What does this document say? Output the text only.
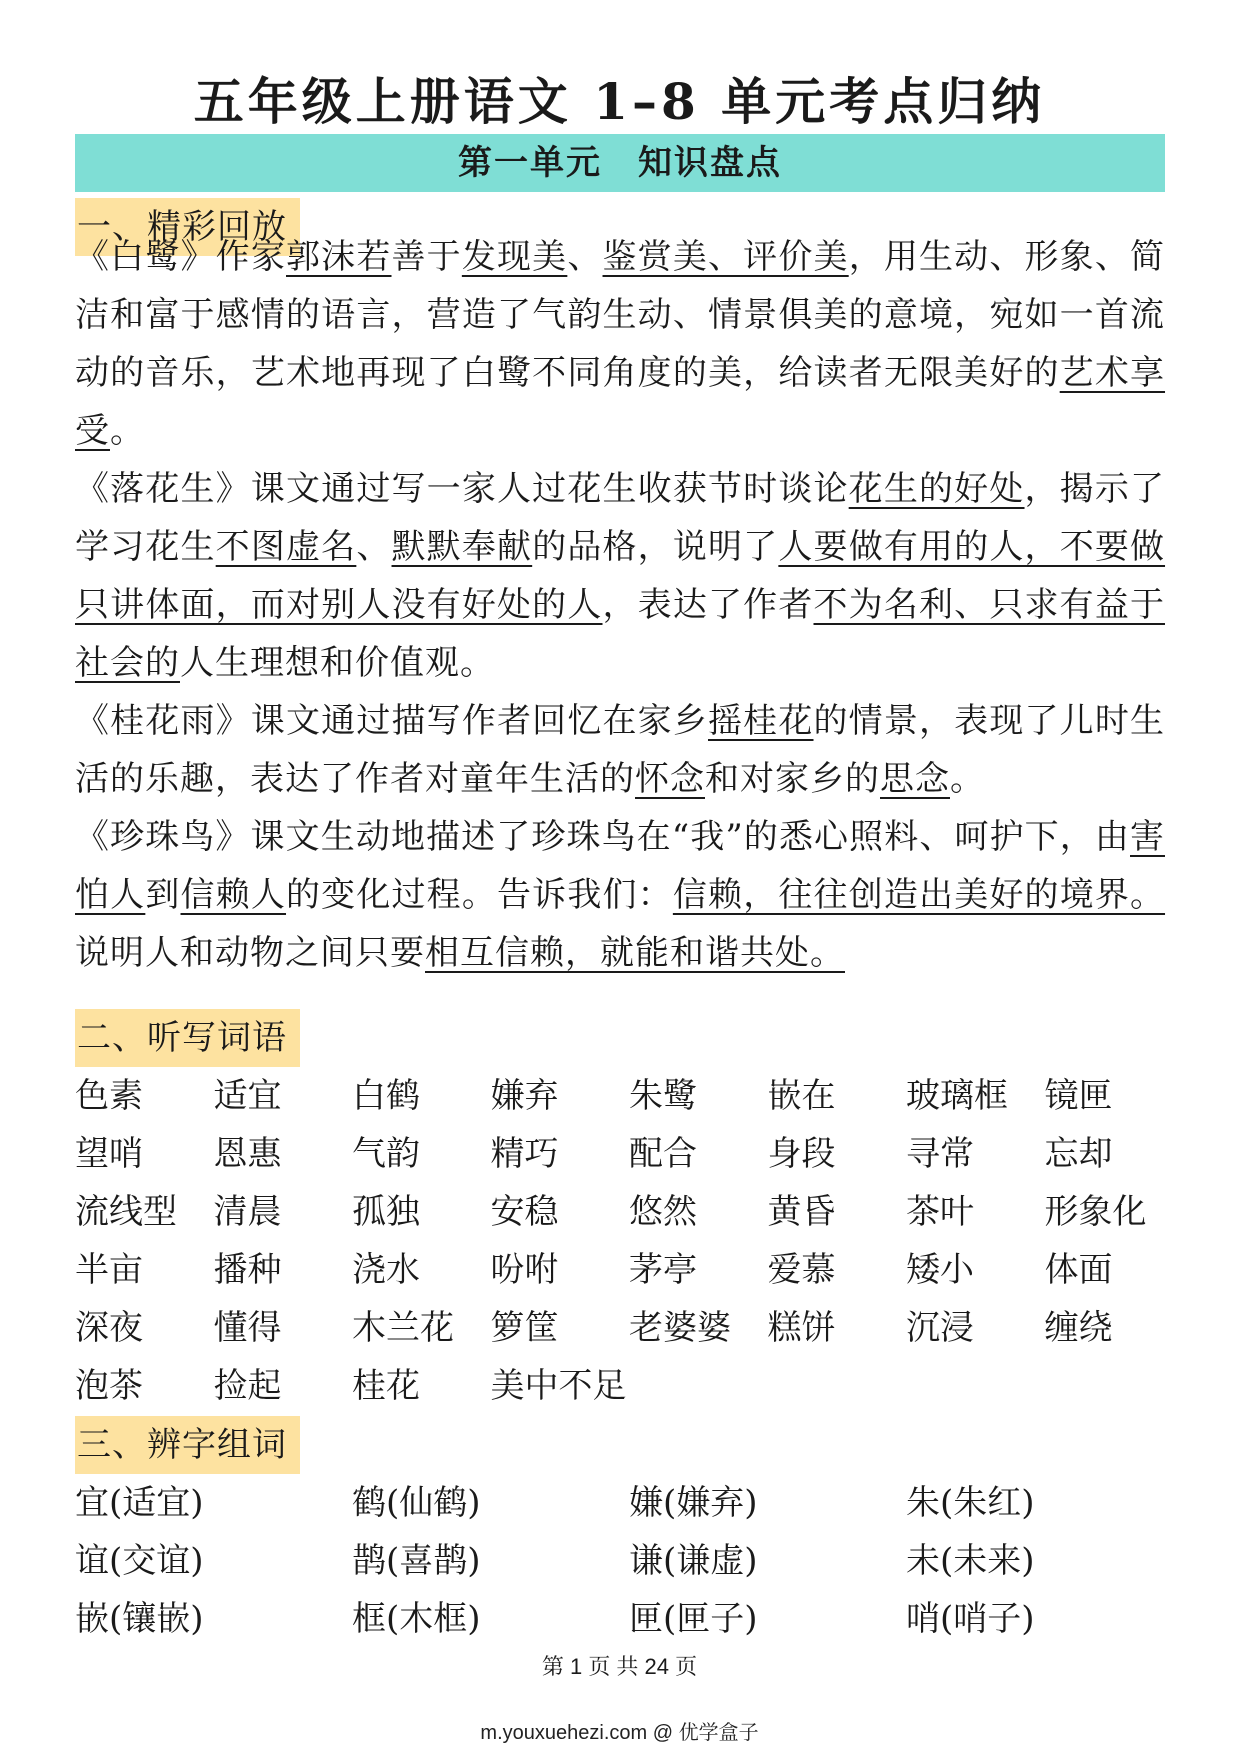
五年级上册语文 1–8 单元考点归纳
第一单元 知识盘点
一、精彩回放

《白鹭》作家郭沫若善于发现美、鉴赏美、评价美，用生动、形象、简洁和富于感情的语言，营造了气韵生动、情景俱美的意境，宛如一首流动的音乐，艺术地再现了白鹭不同角度的美，给读者无限美好的艺术享受。

《落花生》课文通过写一家人过花生收获节时谈论花生的好处，揭示了学习花生不图虚名、默默奉献的品格，说明了人要做有用的人，不要做只讲体面，而对别人没有好处的人，表达了作者不为名利、只求有益于社会的人生理想和价值观。

《桂花雨》课文通过描写作者回忆在家乡摇桂花的情景，表现了儿时生活的乐趣，表达了作者对童年生活的怀念和对家乡的思念。

《珍珠鸟》课文生动地描述了珍珠鸟在“我”的悉心照料、呵护下，由害怕人到信赖人的变化过程。告诉我们：信赖，往往创造出美好的境界。说明人和动物之间只要相互信赖，就能和谐共处。

二、听写词语
色素	适宜	白鹤	嫌弃	朱鹭	嵌在	玻璃框	镜匣
望哨	恩惠	气韵	精巧	配合	身段	寻常	忘却
流线型	清晨	孤独	安稳	悠然	黄昏	茶叶	形象化
半亩	播种	浇水	吩咐	茅亭	爱慕	矮小	体面
深夜	懂得	木兰花	箩筐	老婆婆	糕饼	沉浸	缠绕
泡茶	捡起	桂花	美中不足
三、辨字组词
宜(适宜)	鹤(仙鹤)	嫌(嫌弃)	朱(朱红)
谊(交谊)	鹊(喜鹊)	谦(谦虚)	未(未来)
嵌(镶嵌)	框(木框)	匣(匣子)	哨(哨子)
第 1 页 共 24 页
m.youxuehezi.com @ 优学盒子
